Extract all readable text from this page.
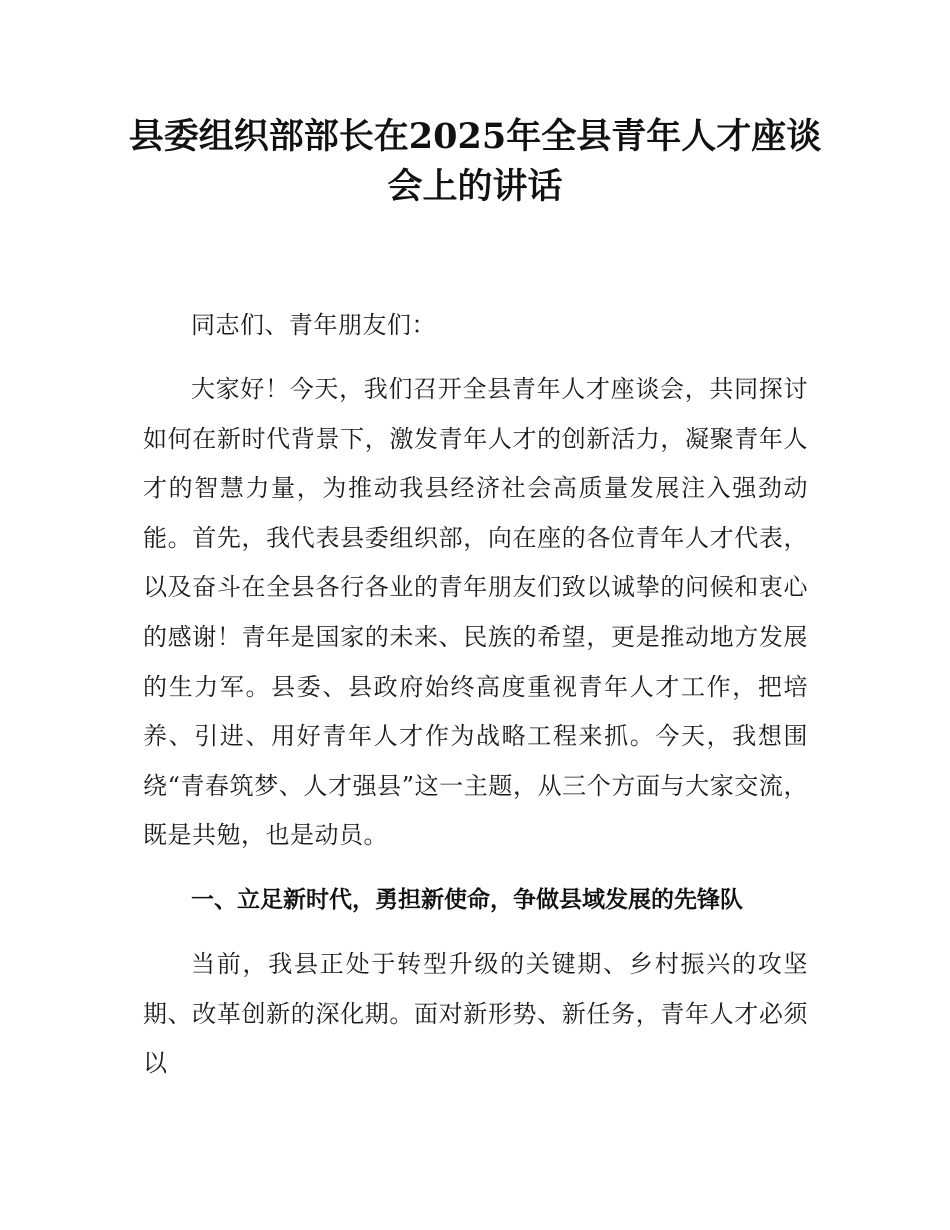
县委组织部部长在2025年全县青年人才座谈
会上的讲话

同志们、青年朋友们：

大家好！今天，我们召开全县青年人才座谈会，共同探讨如何在新时代背景下，激发青年人才的创新活力，凝聚青年人才的智慧力量，为推动我县经济社会高质量发展注入强劲动能。首先，我代表县委组织部，向在座的各位青年人才代表，以及奋斗在全县各行各业的青年朋友们致以诚挚的问候和衷心的感谢！青年是国家的未来、民族的希望，更是推动地方发展的生力军。县委、县政府始终高度重视青年人才工作，把培养、引进、用好青年人才作为战略工程来抓。今天，我想围绕“青春筑梦、人才强县”这一主题，从三个方面与大家交流，既是共勉，也是动员。

一、立足新时代，勇担新使命，争做县域发展的先锋队

当前，我县正处于转型升级的关键期、乡村振兴的攻坚期、改革创新的深化期。面对新形势、新任务，青年人才必须以
